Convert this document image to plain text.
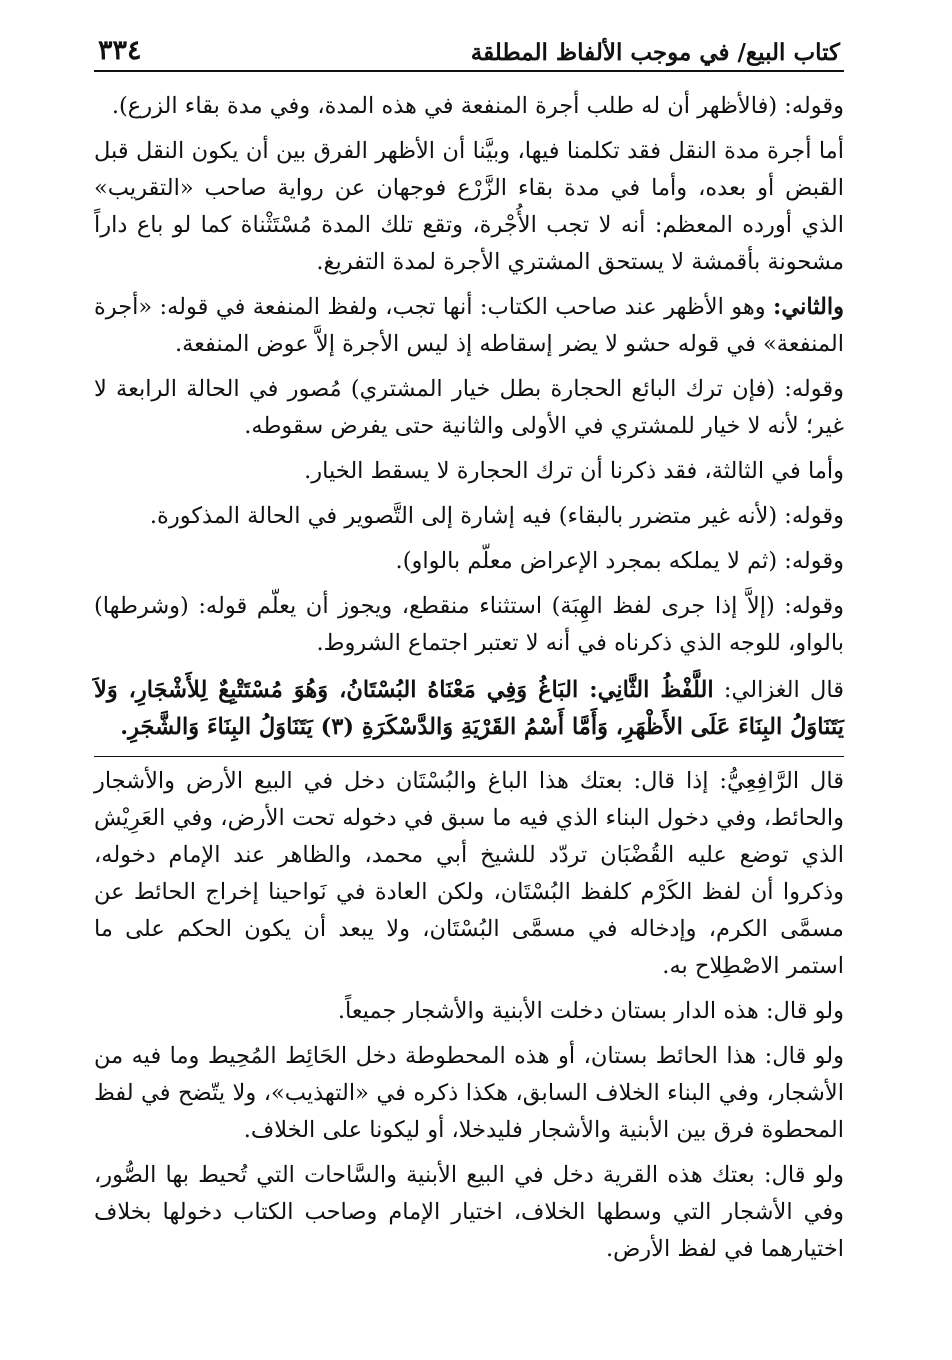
كتاب البيع/ في موجب الألفاظ المطلقة
٣٣٤

وقوله: (فالأظهر أن له طلب أجرة المنفعة في هذه المدة، وفي مدة بقاء الزرع).

أما أجرة مدة النقل فقد تكلمنا فيها، وبيَّنا أن الأظهر الفرق بين أن يكون النقل قبل القبض أو بعده، وأما في مدة بقاء الزَّرْع فوجهان عن رواية صاحب «التقريب» الذي أورده المعظم: أنه لا تجب الأُجْرة، وتقع تلك المدة مُسْتَثْناة كما لو باع داراً مشحونة بأقمشة لا يستحق المشتري الأجرة لمدة التفريغ.

والثاني: وهو الأظهر عند صاحب الكتاب: أنها تجب، ولفظ المنفعة في قوله: «أجرة المنفعة» في قوله حشو لا يضر إسقاطه إذ ليس الأجرة إلاَّ عوض المنفعة.

وقوله: (فإن ترك البائع الحجارة بطل خيار المشتري) مُصور في الحالة الرابعة لا غير؛ لأنه لا خيار للمشتري في الأولى والثانية حتى يفرض سقوطه.

وأما في الثالثة، فقد ذكرنا أن ترك الحجارة لا يسقط الخيار.

وقوله: (لأنه غير متضرر بالبقاء) فيه إشارة إلى التَّصوير في الحالة المذكورة.

وقوله: (ثم لا يملكه بمجرد الإعراض معلّم بالواو).

وقوله: (إلاَّ إذا جرى لفظ الهِبَة) استثناء منقطع، ويجوز أن يعلّم قوله: (وشرطها) بالواو، للوجه الذي ذكرناه في أنه لا تعتبر اجتماع الشروط.

قال الغزالي: اللَّفْظُ الثَّانِي: البَاغُ وَفِي مَعْنَاهُ البُسْتَانُ، وَهُوَ مُسْتَتْبِعٌ لِلأَشْجَارِ، وَلاَ يَتَنَاوَلُ البِنَاءَ عَلَى الأَظْهَرِ، وَأَمَّا أَسْمُ القَرْيَةِ وَالدَّسْكَرَةِ (٣) يَتَنَاوَلُ البِنَاءَ وَالشَّجَرِ.

قال الرَّافِعِيُّ: إذا قال: بعتك هذا الباغ والبُسْتَان دخل في البيع الأرض والأشجار والحائط، وفي دخول البناء الذي فيه ما سبق في دخوله تحت الأرض، وفي العَرِيْش الذي توضع عليه القُضْبَان تردّد للشيخ أبي محمد، والظاهر عند الإمام دخوله، وذكروا أن لفظ الكَرْم كلفظ البُسْتَان، ولكن العادة في نَواحينا إخراج الحائط عن مسمَّى الكرم، وإدخاله في مسمَّى البُسْتَان، ولا يبعد أن يكون الحكم على ما استمر الاصْطِلاح به.

ولو قال: هذه الدار بستان دخلت الأبنية والأشجار جميعاً.

ولو قال: هذا الحائط بستان، أو هذه المحطوطة دخل الحَائِط المُحِيط وما فيه من الأشجار، وفي البناء الخلاف السابق، هكذا ذكره في «التهذيب»، ولا يتّضح في لفظ المحطوة فرق بين الأبنية والأشجار فليدخلا، أو ليكونا على الخلاف.

ولو قال: بعتك هذه القرية دخل في البيع الأبنية والسَّاحات التي تُحيط بها الصُّور، وفي الأشجار التي وسطها الخلاف، اختيار الإمام وصاحب الكتاب دخولها بخلاف اختيارهما في لفظ الأرض.
